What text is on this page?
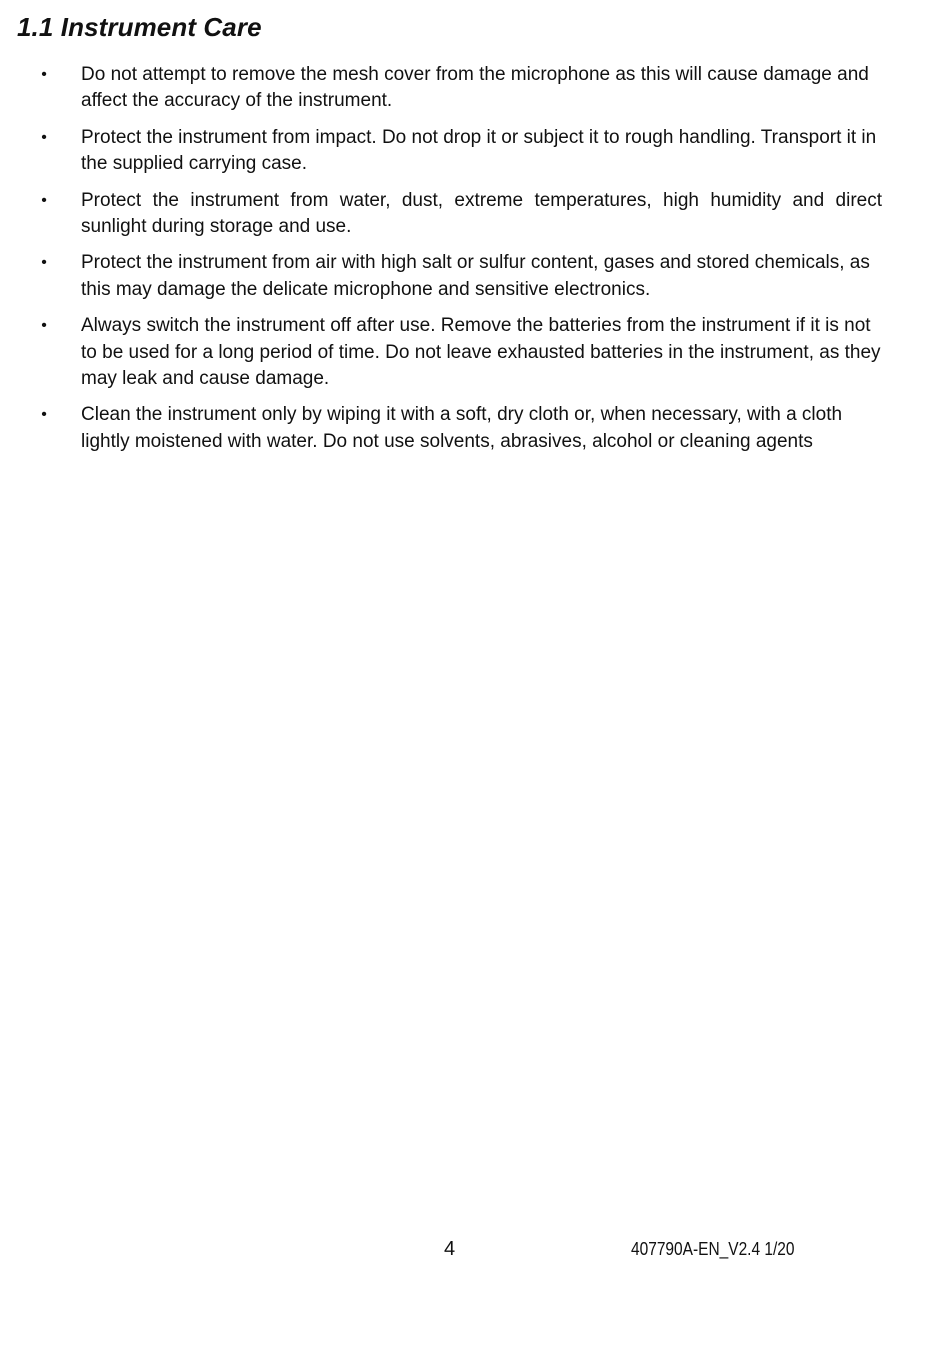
1.1 Instrument Care
• Do not attempt to remove the mesh cover from the microphone as this will cause damage and affect the accuracy of the instrument.
• Protect the instrument from impact. Do not drop it or subject it to rough handling. Transport it in the supplied carrying case.
• Protect the instrument from water, dust, extreme temperatures, high humidity and direct sunlight during storage and use.
• Protect the instrument from air with high salt or sulfur content, gases and stored chemicals, as this may damage the delicate microphone and sensitive electronics.
• Always switch the instrument off after use. Remove the batteries from the instrument if it is not to be used for a long period of time. Do not leave exhausted batteries in the instrument, as they may leak and cause damage.
• Clean the instrument only by wiping it with a soft, dry cloth or, when necessary, with a cloth lightly moistened with water. Do not use solvents, abrasives, alcohol or cleaning agents
4	407790A-EN_V2.4 1/20
